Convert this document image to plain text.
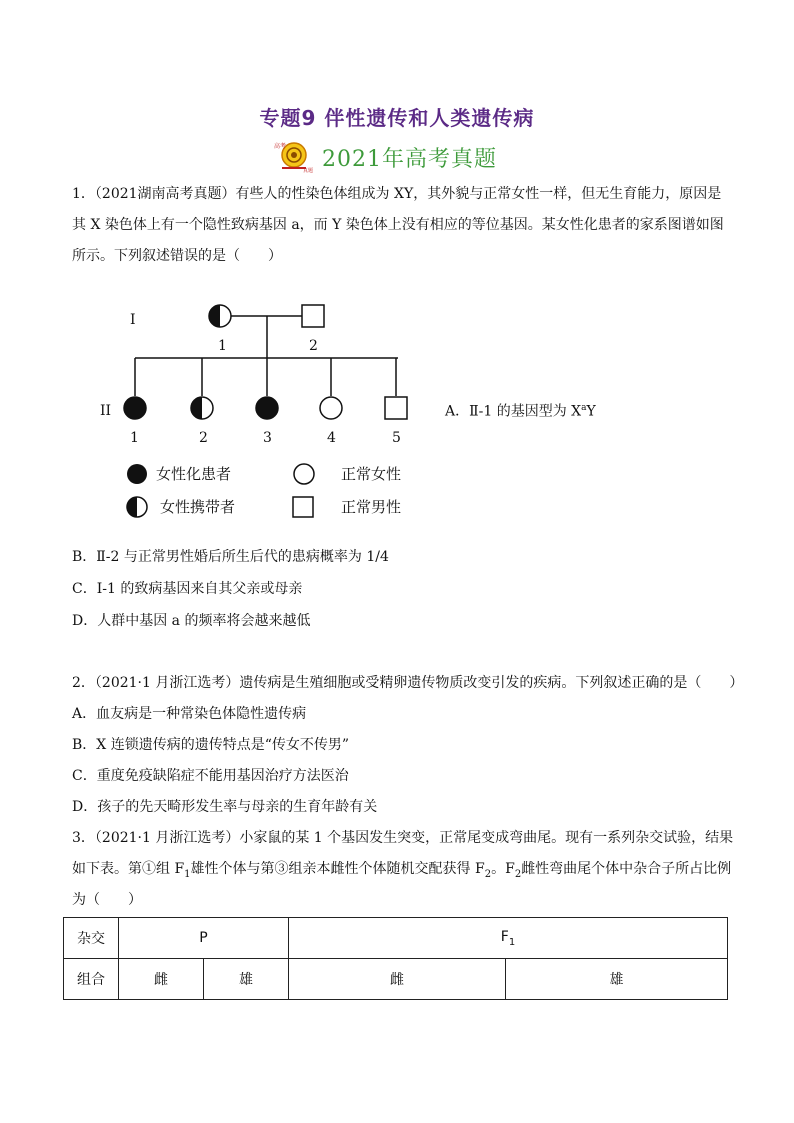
专题9 伴性遗传和人类遗传病
高考
真题 2021年高考真题
1．（2021湖南高考真题）有些人的性染色体组成为 XY，其外貌与正常女性一样，但无生育能力，原因是
其 X 染色体上有一个隐性致病基因 a，而 Y 染色体上没有相应的等位基因。某女性化患者的家系图谱如图
所示。下列叙述错误的是（　　）
I
II
1	2
1	2	3	4	5
女性化患者	正常女性
女性携带者	正常男性
A．Ⅱ-1 的基因型为 $X^aY$
B．Ⅱ-2 与正常男性婚后所生后代的患病概率为 1/4
C．I-1 的致病基因来自其父亲或母亲
D．人群中基因 a 的频率将会越来越低
2．（2021·1 月浙江选考）遗传病是生殖细胞或受精卵遗传物质改变引发的疾病。下列叙述正确的是（　　）
A．血友病是一种常染色体隐性遗传病
B．X 连锁遗传病的遗传特点是“传女不传男”
C．重度免疫缺陷症不能用基因治疗方法医治
D．孩子的先天畸形发生率与母亲的生育年龄有关
3．（2021·1 月浙江选考）小家鼠的某 1 个基因发生突变，正常尾变成弯曲尾。现有一系列杂交试验，结果
如下表。第①组 $F_1$雄性个体与第③组亲本雌性个体随机交配获得 $F_2$。$F_2$雌性弯曲尾个体中杂合子所占比例
为（　　）
杂交	P		$F_1$
组合	雌	雄	雌	雄
